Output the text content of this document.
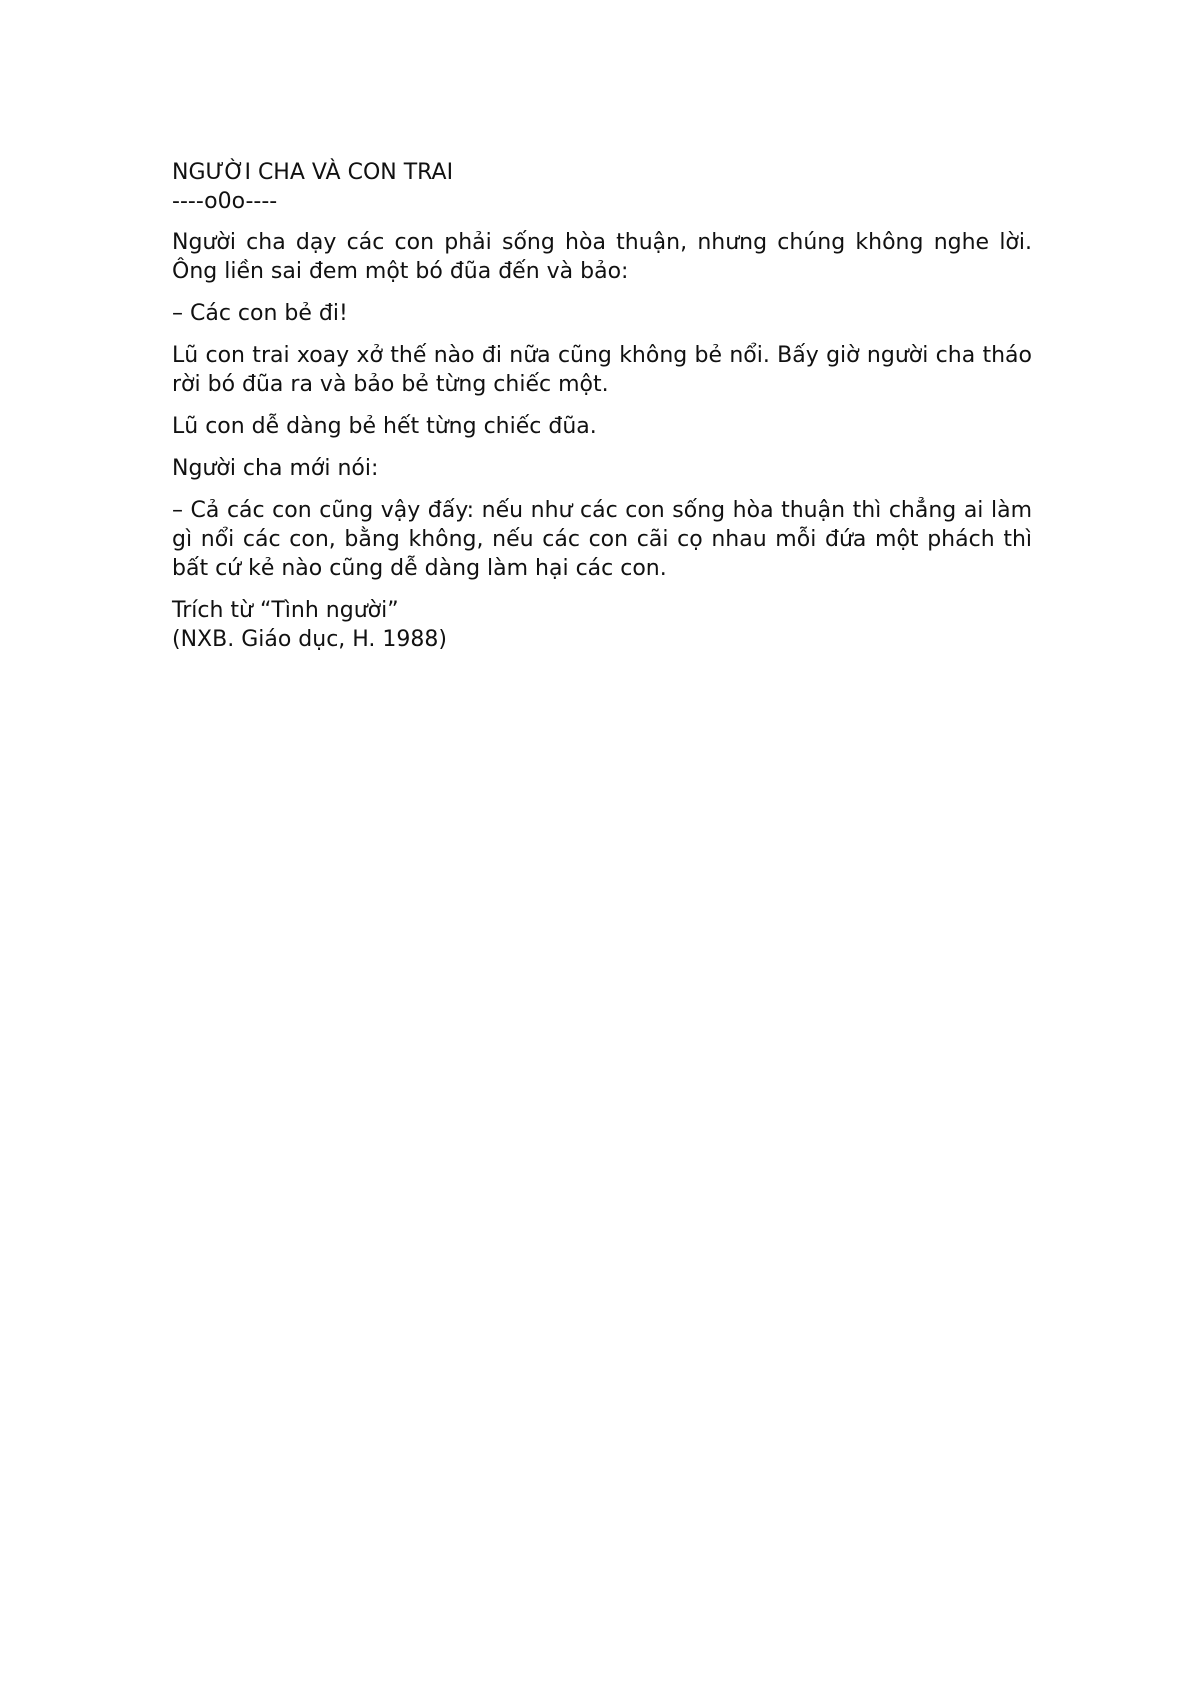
NGƯỜI CHA VÀ CON TRAI
----o0o----

Người cha dạy các con phải sống hòa thuận, nhưng chúng không nghe lời. Ông liền sai đem một bó đũa đến và bảo:

– Các con bẻ đi!

Lũ con trai xoay xở thế nào đi nữa cũng không bẻ nổi. Bấy giờ người cha tháo rời bó đũa ra và bảo bẻ từng chiếc một.

Lũ con dễ dàng bẻ hết từng chiếc đũa.

Người cha mới nói:

– Cả các con cũng vậy đấy: nếu như các con sống hòa thuận thì chẳng ai làm gì nổi các con, bằng không, nếu các con cãi cọ nhau mỗi đứa một phách thì bất cứ kẻ nào cũng dễ dàng làm hại các con.

Trích từ “Tình người”
(NXB. Giáo dục, H. 1988)
